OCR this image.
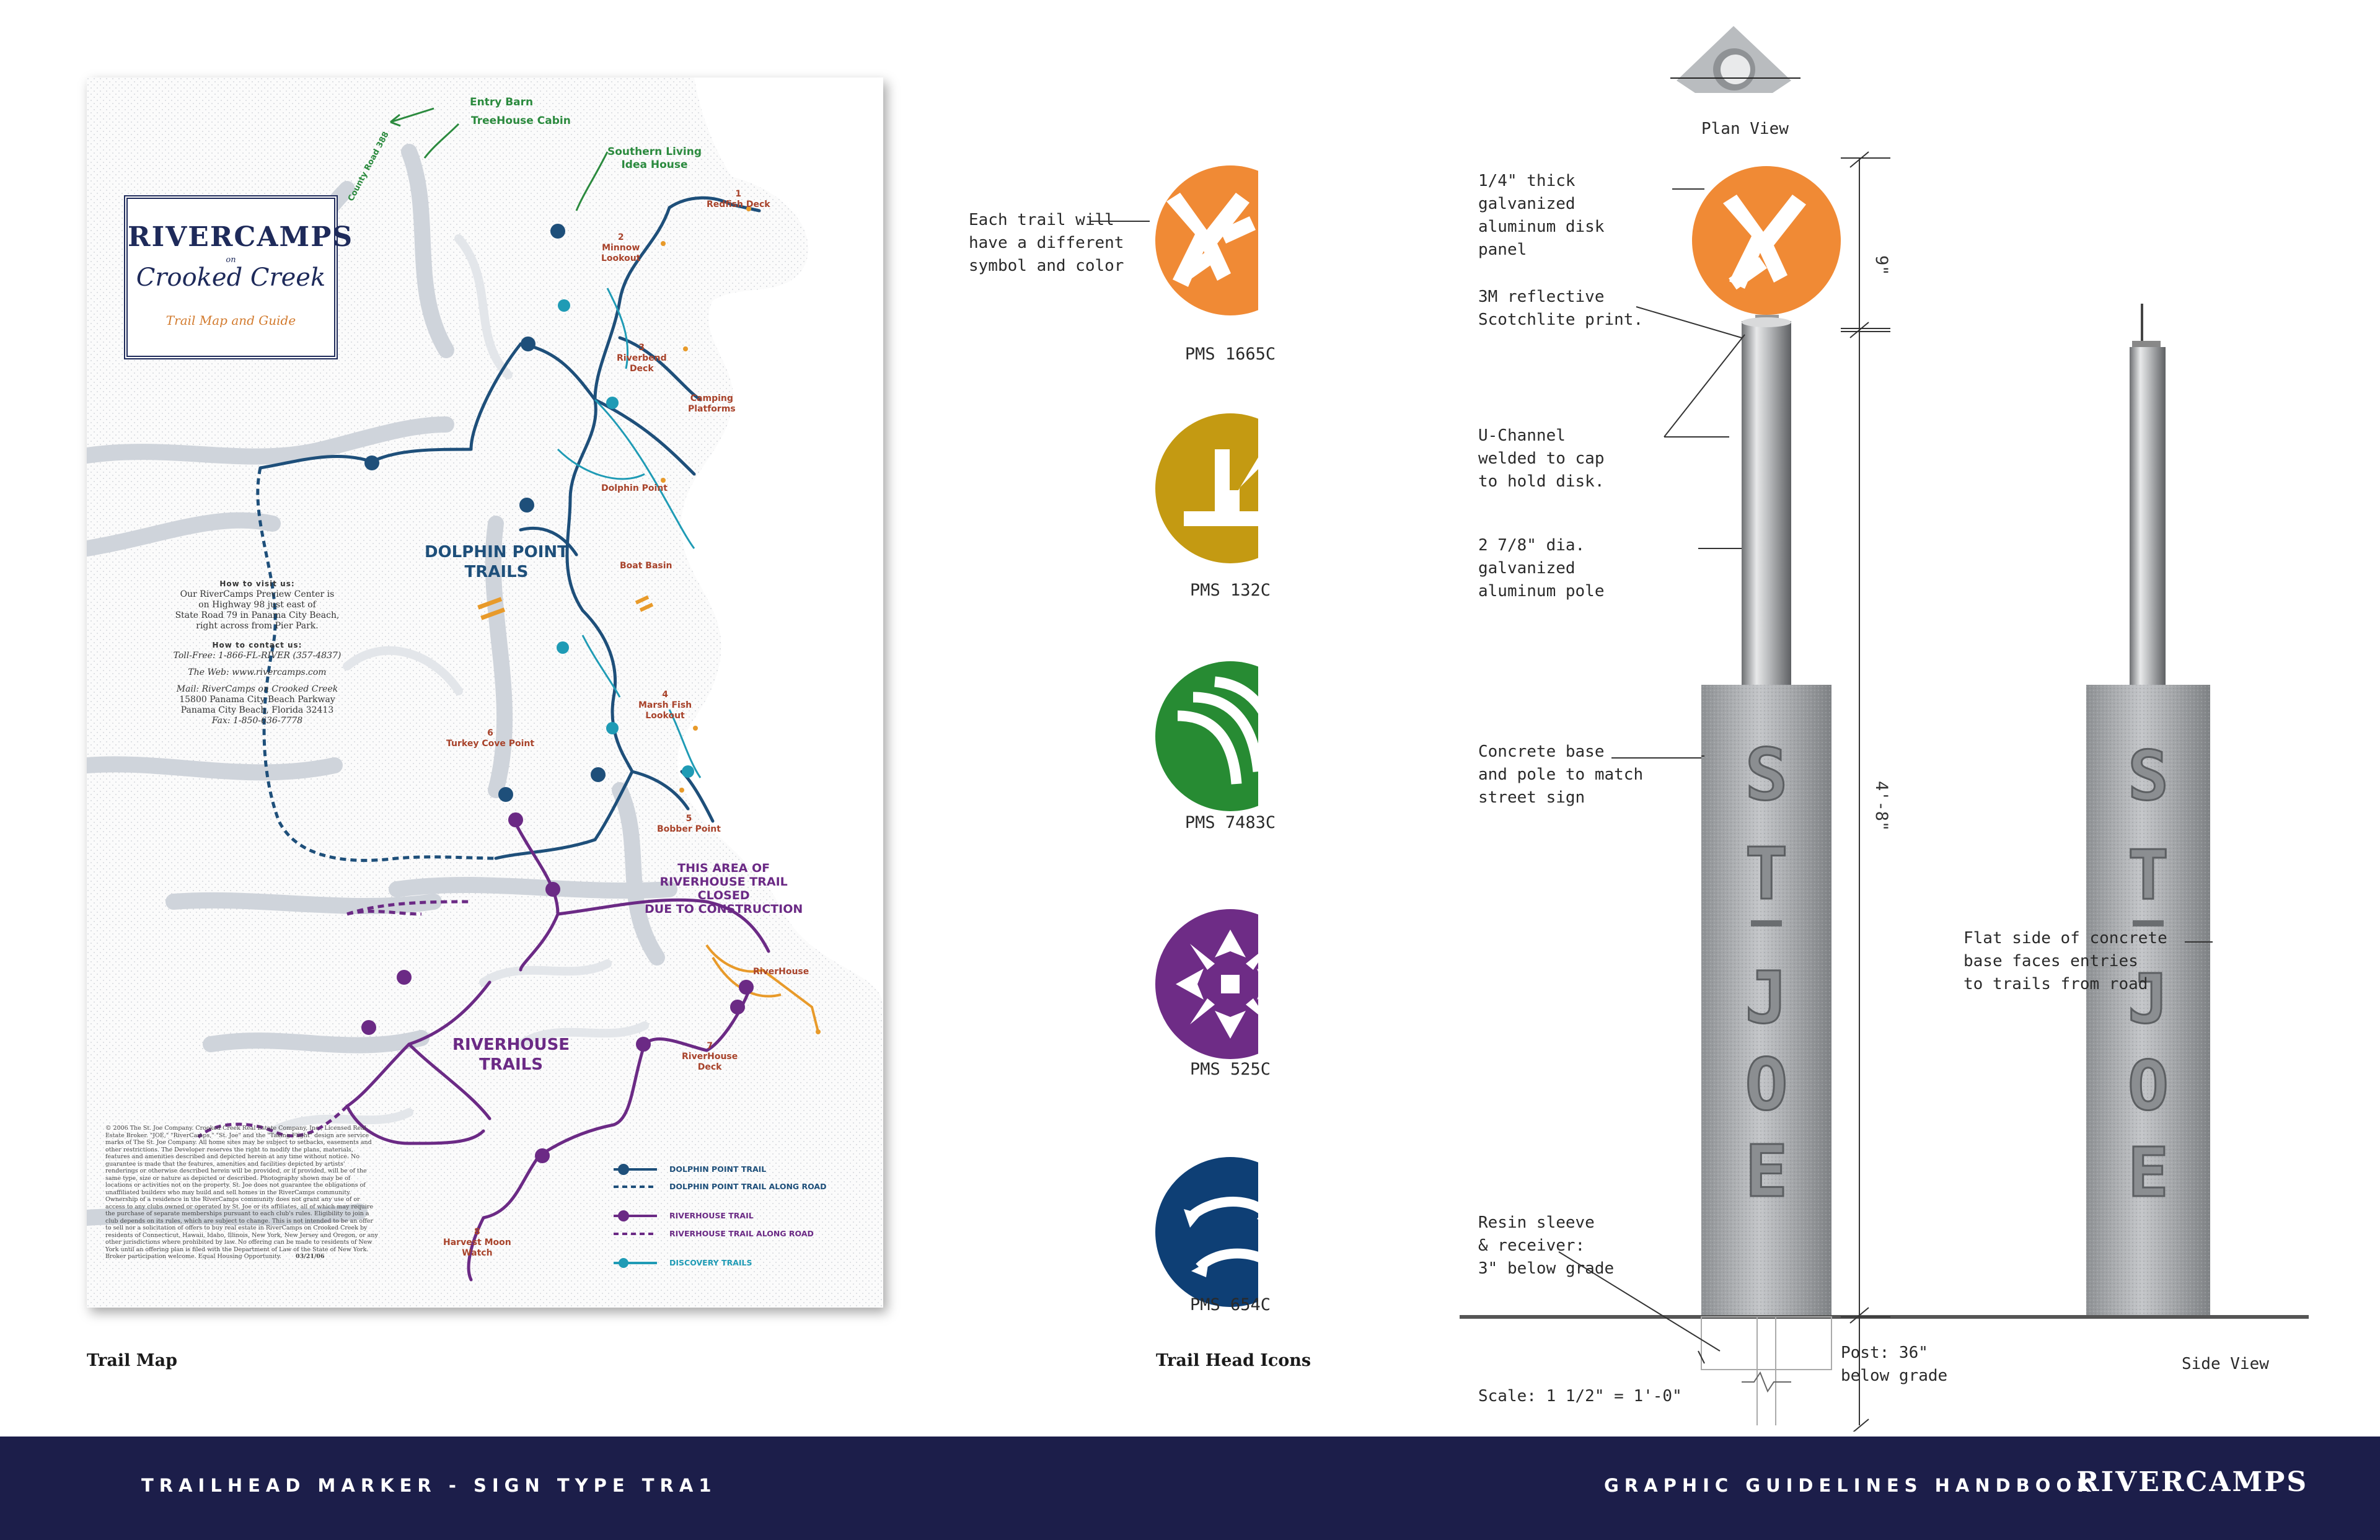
RIVERCAMPS
on
Crooked Creek
Trail Map and Guide
Entry Barn
TreeHouse Cabin
Southern Living
Idea House
County Road 388	1
Redfish Deck
2
Minnow
Lookout
3
Riverbend
Deck
Camping
Platforms
Dolphin Point
Boat Basin
4
Marsh Fish
Lookout
5
Bobber Point
6
Turkey Cove Point
RiverHouse
7
RiverHouse
Deck
8
Harvest Moon
Watch
DOLPHIN POINT
TRAILS
RIVERHOUSE
TRAILS
THIS AREA OF
RIVERHOUSE TRAIL
CLOSED
DUE TO CONSTRUCTION
How to visit us:
Our RiverCamps Preview Center is
on Highway 98 just east of
State Road 79 in Panama City Beach,
right across from Pier Park.
How to contact us:
Toll-Free: 1-866-FL-RIVER (357-4837)
The Web: www.rivercamps.com
Mail: RiverCamps on Crooked Creek
15800 Panama City Beach Parkway
Panama City Beach, Florida 32413
Fax: 1-850-636-7778
© 2006 The St. Joe Company. Crooked Creek Real Estate Company, Inc., Licensed Real Estate Broker. "JOE," "RiverCamps," "St. Joe" and the "Taking Flight" design are service marks of The St. Joe Company. All home sites may be subject to setbacks, easements and other restrictions. The Developer reserves the right to modify the plans, materials, features and amenities described and depicted herein at any time without notice. No guarantee is made that the features, amenities and facilities depicted by artists' renderings or otherwise described herein will be provided, or if provided, will be of the same type, size or nature as depicted or described. Photography shown may be of locations or activities not on the property. St. Joe does not guarantee the obligations of unaffiliated builders who may build and sell homes in the RiverCamps community. Ownership of a residence in the RiverCamps community does not grant any use of or access to any clubs owned or operated by St. Joe or its affiliates, all of which may require the purchase of separate memberships pursuant to each club's rules. Eligibility to join a club depends on its rules, which are subject to change. This is not intended to be an offer to sell nor a solicitation of offers to buy real estate in RiverCamps on Crooked Creek by residents of Connecticut, Hawaii, Idaho, Illinois, New York, New Jersey and Oregon, or any other jurisdictions where prohibited by law. No offering can be made to residents of New York until an offering plan is filed with the Department of Law of the State of New York. Broker participation welcome. Equal Housing Opportunity. 03/21/06
DOLPHIN POINT TRAIL
DOLPHIN POINT TRAIL ALONG ROAD
RIVERHOUSE TRAIL
RIVERHOUSE TRAIL ALONG ROAD
DISCOVERY TRAILS
Trail Map
Each trail will
have a different
symbol and color
PMS 1665C
PMS 132C
PMS 7483C
PMS 525C
PMS 654C
Trail Head Icons
S
T
J
O
E
S
T
J
O
E
9"
4'-8"
1/4" thick
galvanized
aluminum disk
panel
3M reflective
Scotchlite print.
U-Channel
welded to cap
to hold disk.
2 7/8" dia.
galvanized
aluminum pole
Concrete base
and pole to match
street sign
Resin sleeve
& receiver:
3" below grade
Post: 36"
below grade
Scale: 1 1/2" = 1'-0"
Plan View
Flat side of concrete
base faces entries
to trails from road
Side View
TRAILHEAD MARKER - SIGN TYPE TRA1	GRAPHIC GUIDELINES HANDBOOK
RIVERCAMPS
